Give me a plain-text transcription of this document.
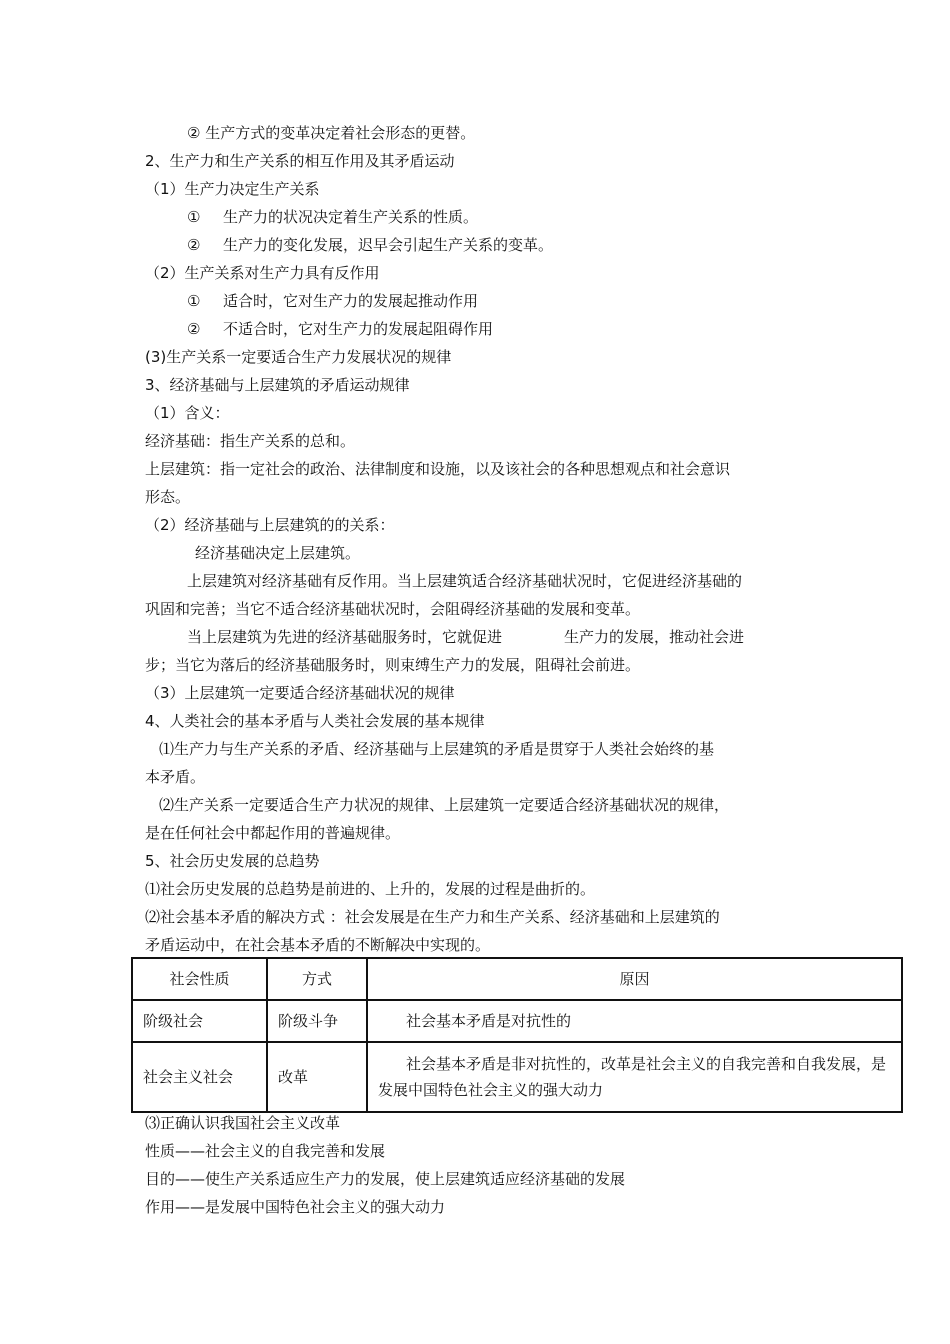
② 生产方式的变革决定着社会形态的更替。
2、生产力和生产关系的相互作用及其矛盾运动
（1）生产力决定生产关系
① 生产力的状况决定着生产关系的性质。
② 生产力的变化发展，迟早会引起生产关系的变革。
（2）生产关系对生产力具有反作用
① 适合时，它对生产力的发展起推动作用
② 不适合时，它对生产力的发展起阻碍作用
(3)生产关系一定要适合生产力发展状况的规律
3、经济基础与上层建筑的矛盾运动规律
（1）含义：
经济基础：指生产关系的总和。
上层建筑：指一定社会的政治、法律制度和设施，以及该社会的各种思想观点和社会意识
形态。
（2）经济基础与上层建筑的的关系：
经济基础决定上层建筑。
上层建筑对经济基础有反作用。当上层建筑适合经济基础状况时，它促进经济基础的
巩固和完善；当它不适合经济基础状况时，会阻碍经济基础的发展和变革。
当上层建筑为先进的经济基础服务时，它就促进	生产力的发展，推动社会进
步；当它为落后的经济基础服务时，则束缚生产力的发展，阻碍社会前进。
（3）上层建筑一定要适合经济基础状况的规律
4、人类社会的基本矛盾与人类社会发展的基本规律
⑴生产力与生产关系的矛盾、经济基础与上层建筑的矛盾是贯穿于人类社会始终的基
本矛盾。
⑵生产关系一定要适合生产力状况的规律、上层建筑一定要适合经济基础状况的规律，
是在任何社会中都起作用的普遍规律。
5、社会历史发展的总趋势
⑴社会历史发展的总趋势是前进的、上升的，发展的过程是曲折的。
⑵社会基本矛盾的解决方式 ：社会发展是在生产力和生产关系、经济基础和上层建筑的
矛盾运动中，在社会基本矛盾的不断解决中实现的。
社会性质	方式	原因
阶级社会	阶级斗争	社会基本矛盾是对抗性的
社会主义社会	改革	社会基本矛盾是非对抗性的，改革是社会主义的自我完善和自我发展，是发展中国特色社会主义的强大动力
⑶正确认识我国社会主义改革
性质——社会主义的自我完善和发展
目的——使生产关系适应生产力的发展，使上层建筑适应经济基础的发展
作用——是发展中国特色社会主义的强大动力
